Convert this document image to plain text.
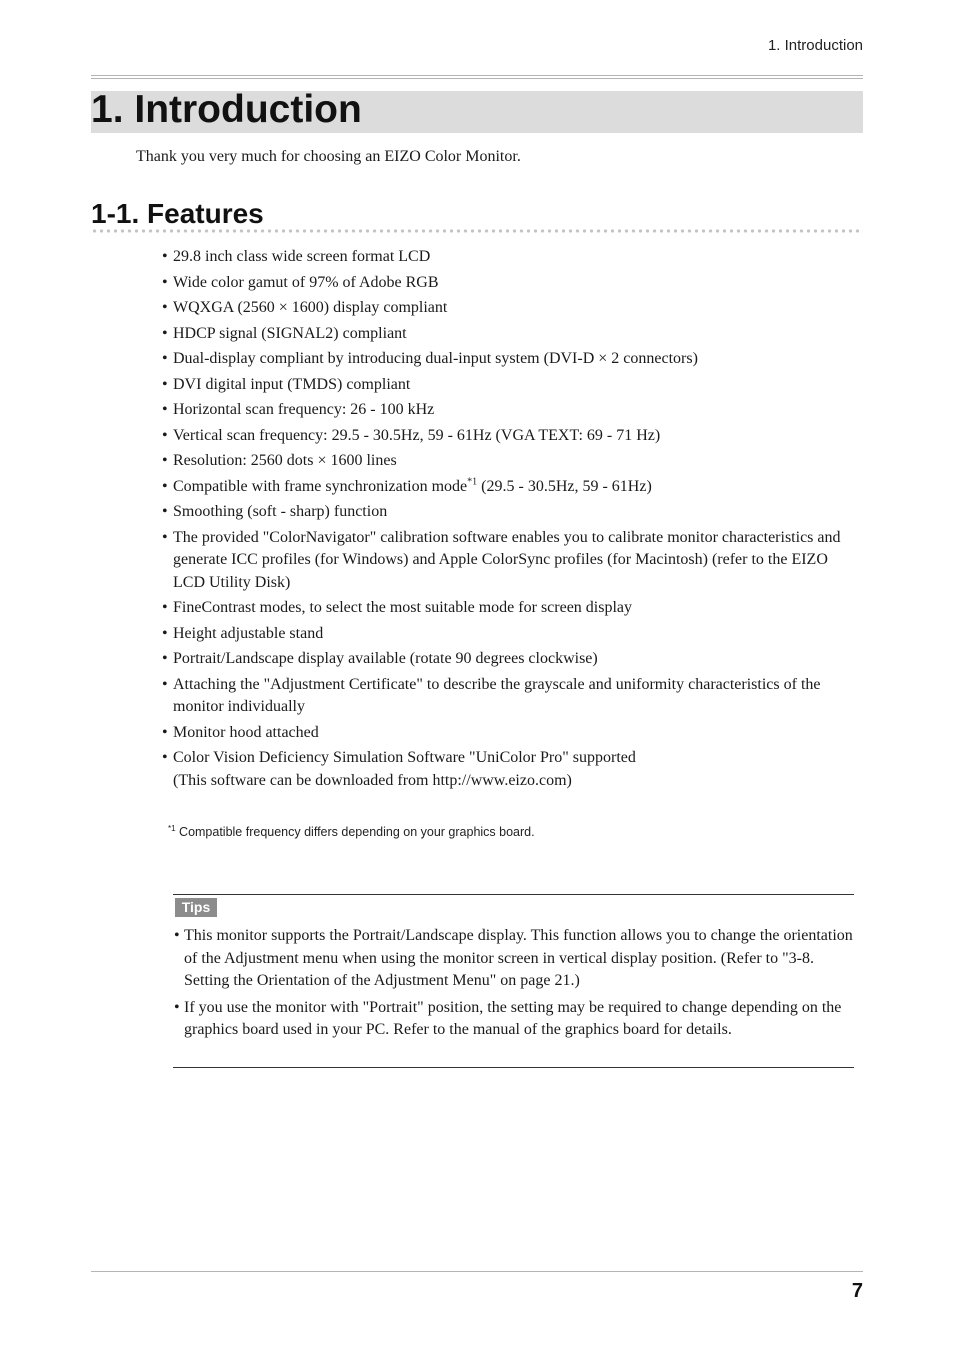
1. Introduction
1. Introduction
Thank you very much for choosing an EIZO Color Monitor.
1-1. Features
• 29.8 inch class wide screen format LCD
• Wide color gamut of 97% of Adobe RGB
• WQXGA (2560 × 1600) display compliant
• HDCP signal (SIGNAL2) compliant
• Dual-display compliant by introducing dual-input system (DVI-D × 2 connectors)
• DVI digital input (TMDS) compliant
• Horizontal scan frequency: 26 - 100 kHz
• Vertical scan frequency: 29.5 - 30.5Hz, 59 - 61Hz (VGA TEXT: 69 - 71 Hz)
• Resolution: 2560 dots × 1600 lines
• Compatible with frame synchronization mode$^{*1}$ (29.5 - 30.5Hz, 59 - 61Hz)
• Smoothing (soft - sharp) function
• The provided "ColorNavigator" calibration software enables you to calibrate monitor characteristics and generate ICC profiles (for Windows) and Apple ColorSync profiles (for Macintosh) (refer to the EIZO LCD Utility Disk)
• FineContrast modes, to select the most suitable mode for screen display
• Height adjustable stand
• Portrait/Landscape display available (rotate 90 degrees clockwise)
• Attaching the "Adjustment Certificate" to describe the grayscale and uniformity characteristics of the monitor individually
• Monitor hood attached
• Color Vision Deficiency Simulation Software "UniColor Pro" supported
(This software can be downloaded from http://www.eizo.com)
$^{*1}$ Compatible frequency differs depending on your graphics board.
Tips
• This monitor supports the Portrait/Landscape display. This function allows you to change the orientation of the Adjustment menu when using the monitor screen in vertical display position. (Refer to "3-8. Setting the Orientation of the Adjustment Menu" on page 21.)
• If you use the monitor with "Portrait" position, the setting may be required to change depending on the graphics board used in your PC. Refer to the manual of the graphics board for details.
7
